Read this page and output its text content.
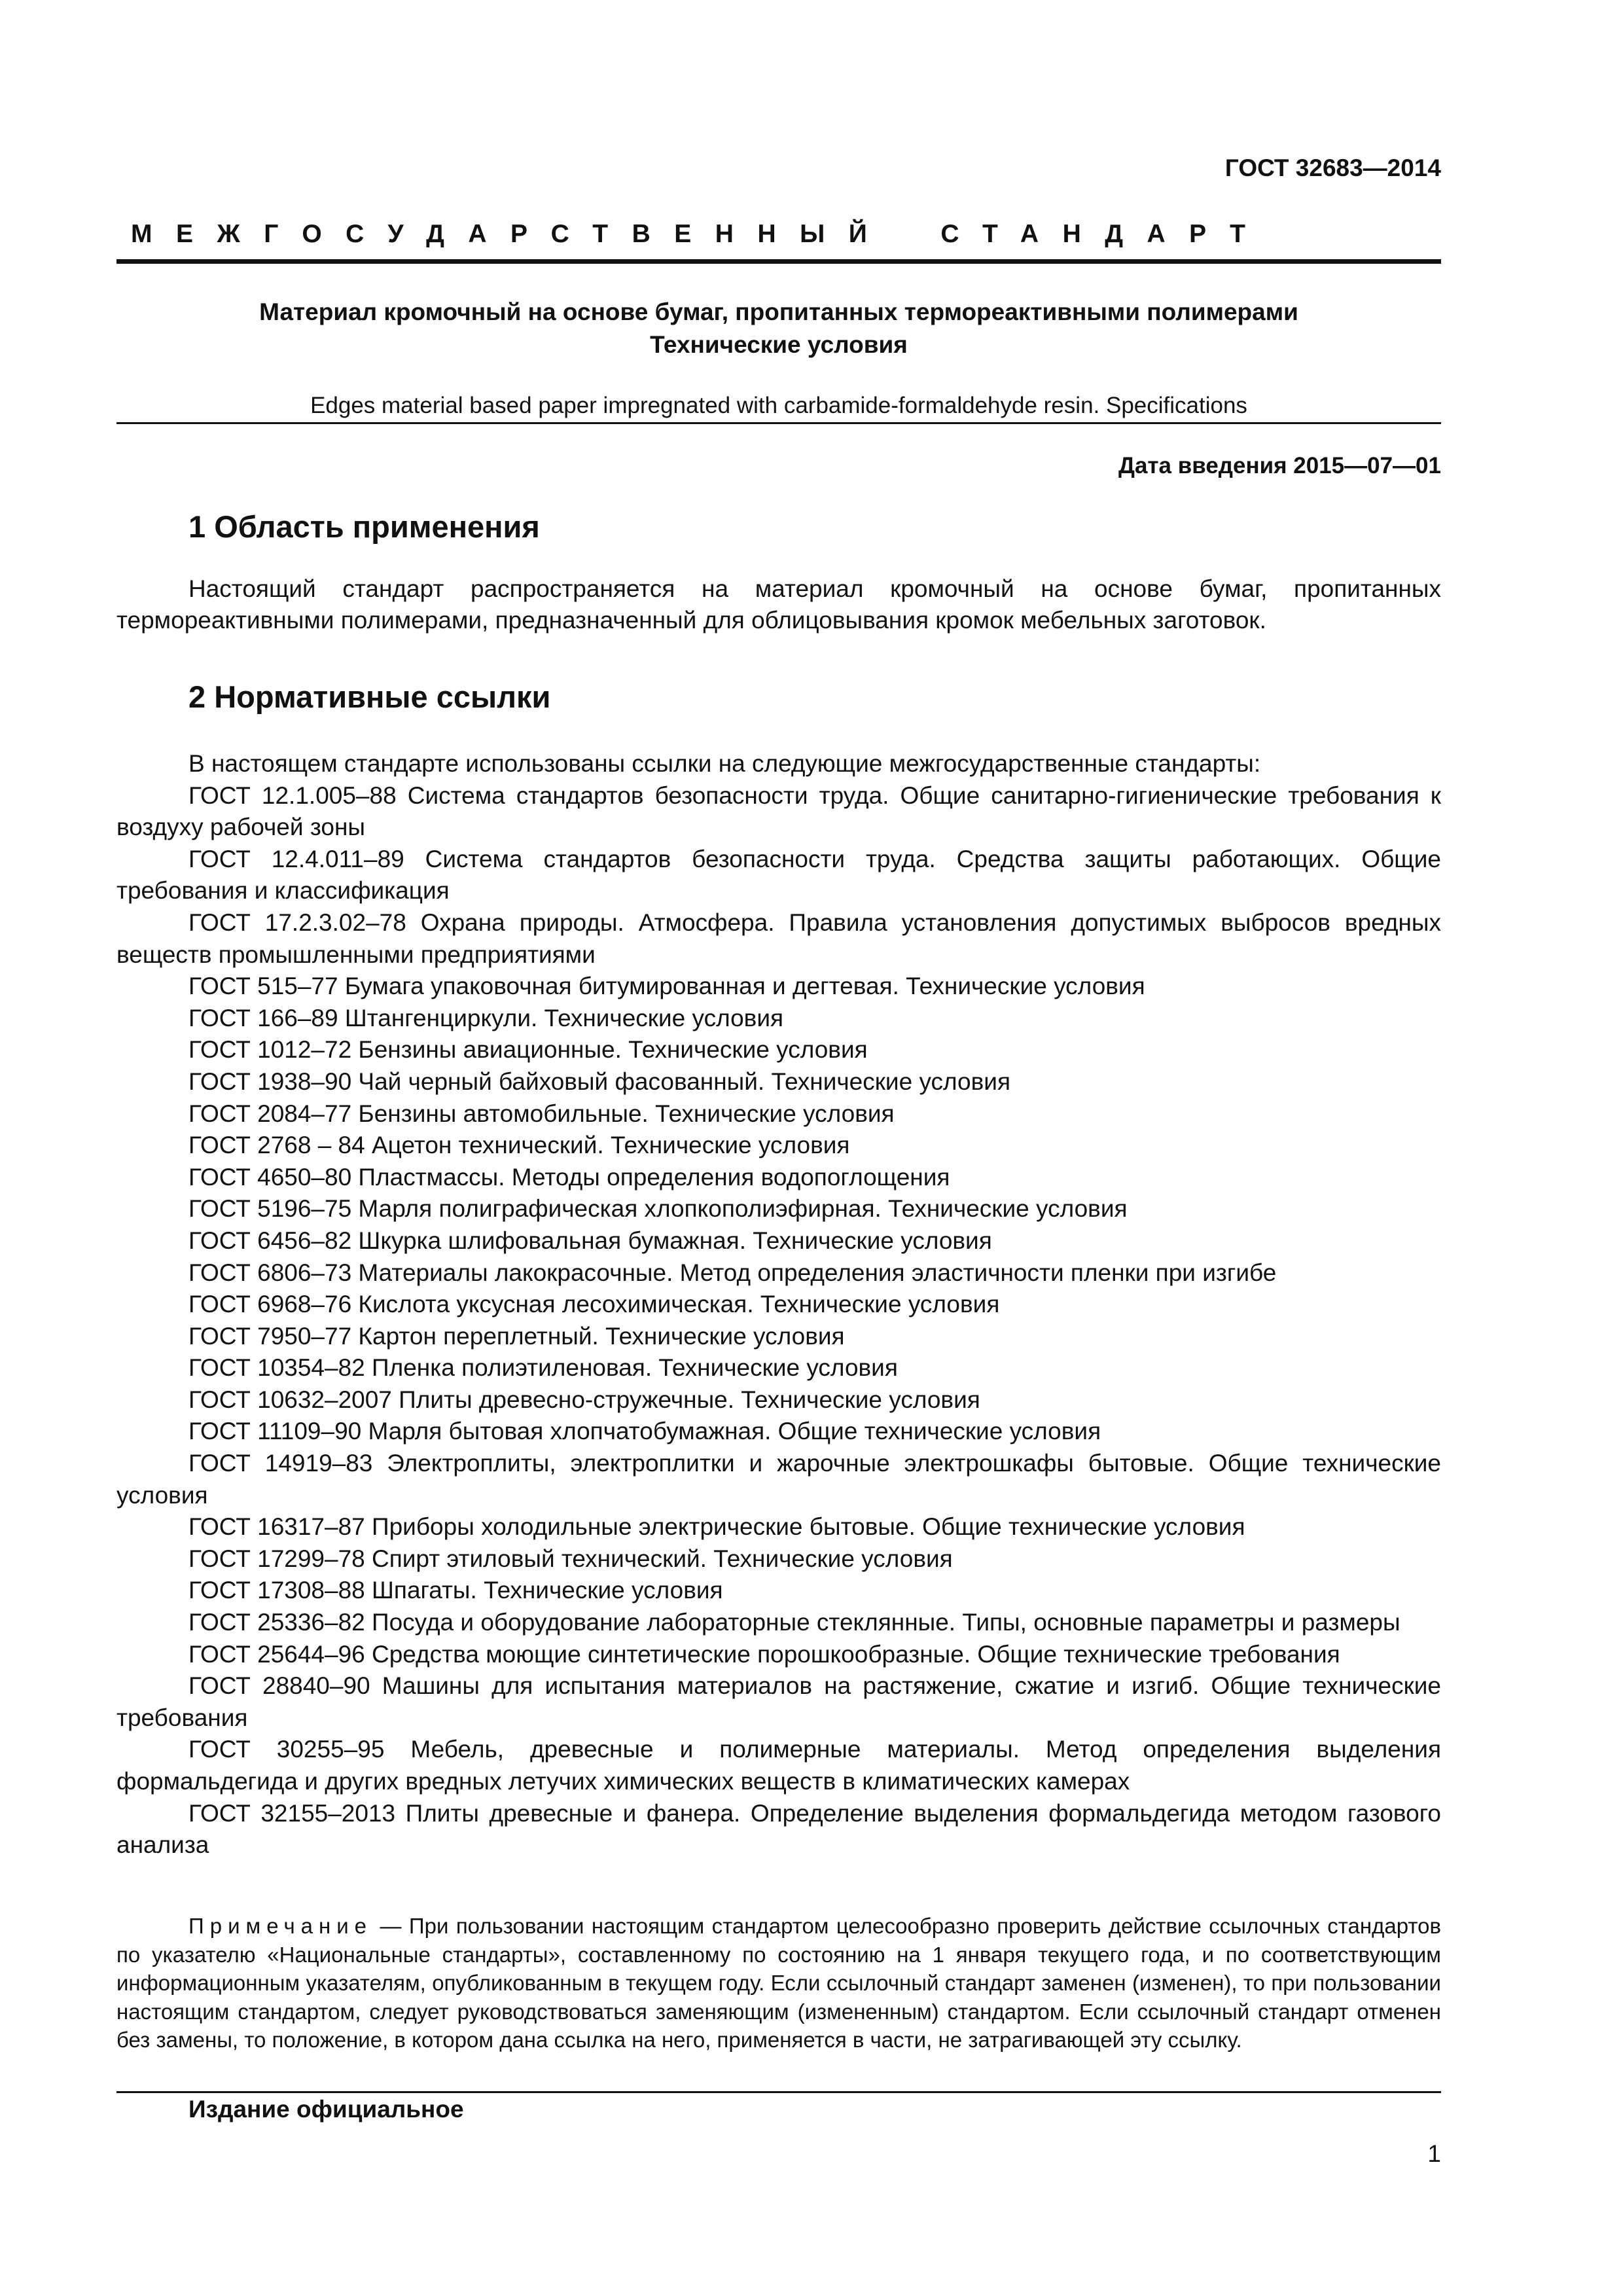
ГОСТ 32683—2014
МЕЖГОСУДАРСТВЕННЫЙ СТАНДАРТ
Материал кромочный на основе бумаг, пропитанных термореактивными полимерами
Технические условия
Edges material based paper impregnated with carbamide-formaldehyde resin. Specifications
Дата введения 2015—07—01
1 Область применения

Настоящий стандарт распространяется на материал кромочный на основе бумаг, пропитанных термореактивными полимерами, предназначенный для облицовывания кромок мебельных заготовок.

2 Нормативные ссылки

В настоящем стандарте использованы ссылки на следующие межгосударственные стандарты:

ГОСТ 12.1.005–88 Система стандартов безопасности труда. Общие санитарно-гигиенические требования к воздуху рабочей зоны

ГОСТ 12.4.011–89 Система стандартов безопасности труда. Средства защиты работающих. Общие требования и классификация

ГОСТ 17.2.3.02–78 Охрана природы. Атмосфера. Правила установления допустимых выбросов вредных веществ промышленными предприятиями

ГОСТ 515–77 Бумага упаковочная битумированная и дегтевая. Технические условия

ГОСТ 166–89 Штангенциркули. Технические условия

ГОСТ 1012–72 Бензины авиационные. Технические условия

ГОСТ 1938–90 Чай черный байховый фасованный. Технические условия

ГОСТ 2084–77 Бензины автомобильные. Технические условия

ГОСТ 2768 – 84 Ацетон технический. Технические условия

ГОСТ 4650–80 Пластмассы. Методы определения водопоглощения

ГОСТ 5196–75 Марля полиграфическая хлопкополиэфирная. Технические условия

ГОСТ 6456–82 Шкурка шлифовальная бумажная. Технические условия

ГОСТ 6806–73 Материалы лакокрасочные. Метод определения эластичности пленки при изгибе

ГОСТ 6968–76 Кислота уксусная лесохимическая. Технические условия

ГОСТ 7950–77 Картон переплетный. Технические условия

ГОСТ 10354–82 Пленка полиэтиленовая. Технические условия

ГОСТ 10632–2007 Плиты древесно-стружечные. Технические условия

ГОСТ 11109–90 Марля бытовая хлопчатобумажная. Общие технические условия

ГОСТ 14919–83 Электроплиты, электроплитки и жарочные электрошкафы бытовые. Общие технические условия

ГОСТ 16317–87 Приборы холодильные электрические бытовые. Общие технические условия

ГОСТ 17299–78 Спирт этиловый технический. Технические условия

ГОСТ 17308–88 Шпагаты. Технические условия

ГОСТ 25336–82 Посуда и оборудование лабораторные стеклянные. Типы, основные параметры и размеры

ГОСТ 25644–96 Средства моющие синтетические порошкообразные. Общие технические требования

ГОСТ 28840–90 Машины для испытания материалов на растяжение, сжатие и изгиб. Общие технические требования

ГОСТ 30255–95 Мебель, древесные и полимерные материалы. Метод определения выделения формальдегида и других вредных летучих химических веществ в климатических камерах

ГОСТ 32155–2013 Плиты древесные и фанера. Определение выделения формальдегида методом газового анализа

Примечание — При пользовании настоящим стандартом целесообразно проверить действие ссылочных стандартов по указателю «Национальные стандарты», составленному по состоянию на 1 января текущего года, и по соответствующим информационным указателям, опубликованным в текущем году. Если ссылочный стандарт заменен (изменен), то при пользовании настоящим стандартом, следует руководствоваться заменяющим (измененным) стандартом. Если ссылочный стандарт отменен без замены, то положение, в котором дана ссылка на него, применяется в части, не затрагивающей эту ссылку.
Издание официальное
1
